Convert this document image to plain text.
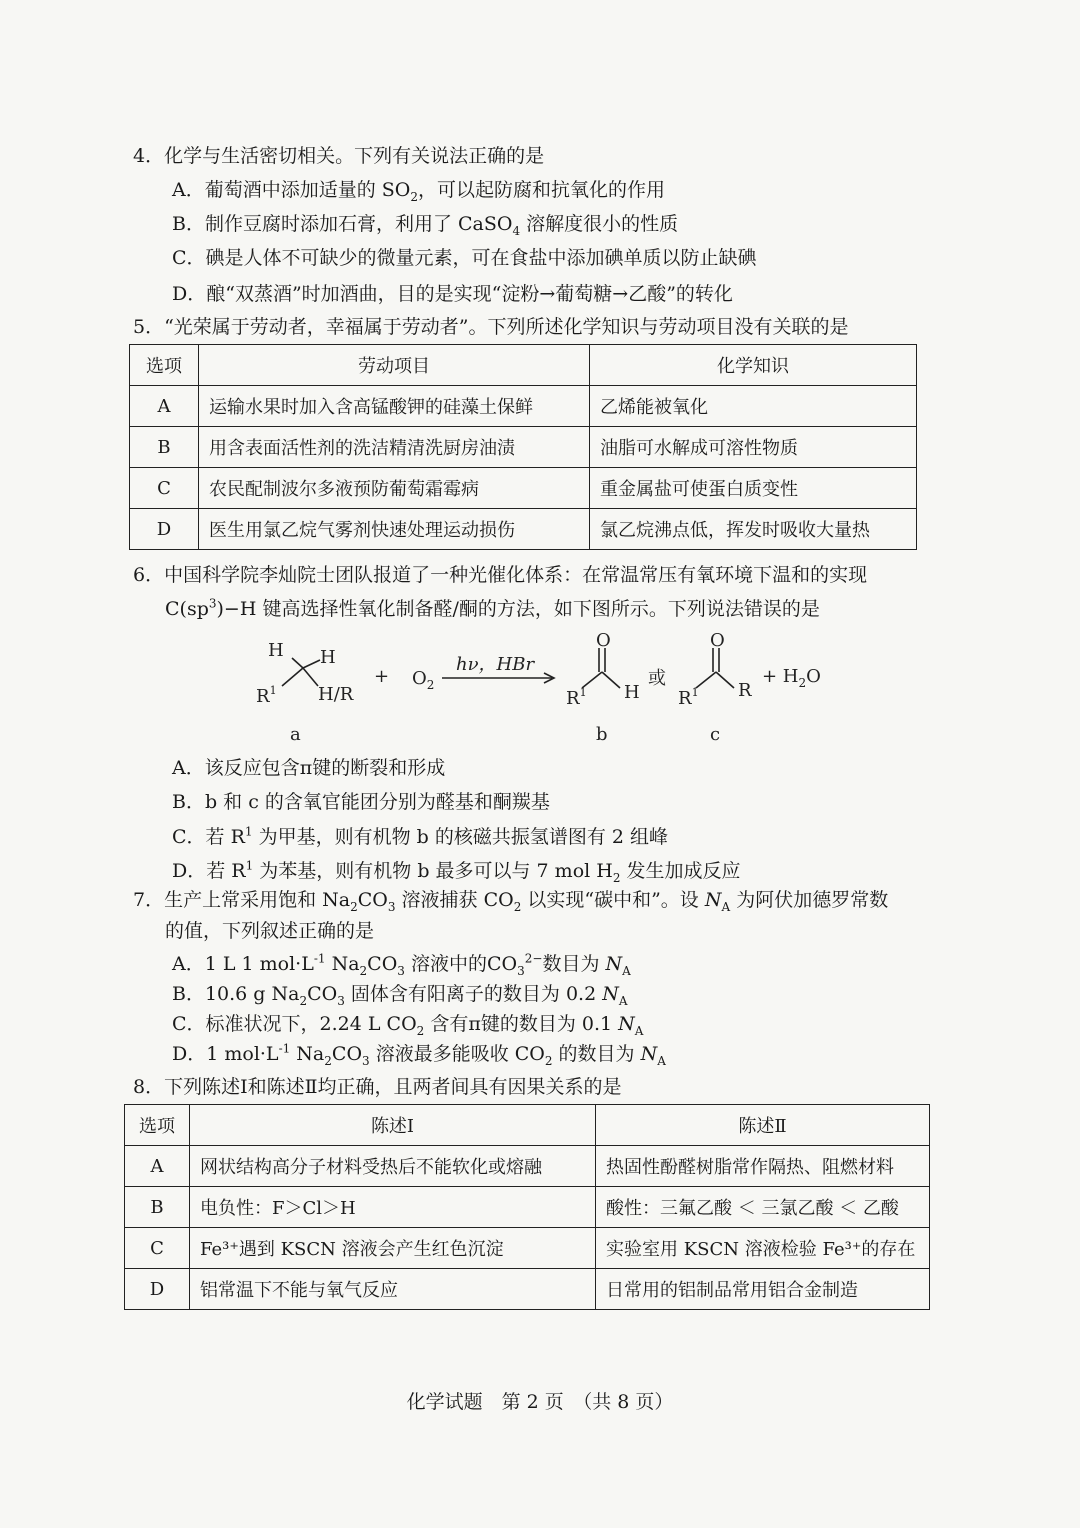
4．化学与生活密切相关。下列有关说法正确的是
A．葡萄酒中添加适量的 $SO_2$，可以起防腐和抗氧化的作用
B．制作豆腐时添加石膏，利用了 CaSO$_4$ 溶解度很小的性质
C．碘是人体不可缺少的微量元素，可在食盐中添加碘单质以防止缺碘
D．酿“双蒸酒”时加酒曲，目的是实现“淀粉→葡萄糖→乙酸”的转化
5．“光荣属于劳动者，幸福属于劳动者”。下列所述化学知识与劳动项目没有关联的是
选项	劳动项目	化学知识
A	运输水果时加入含高锰酸钾的硅藻土保鲜	乙烯能被氧化
B	用含表面活性剂的洗洁精清洗厨房油渍	油脂可水解成可溶性物质
C	农民配制波尔多液预防葡萄霜霉病	重金属盐可使蛋白质变性
D	医生用氯乙烷气雾剂快速处理运动损伤	氯乙烷沸点低，挥发时吸收大量热
6．中国科学院李灿院士团队报道了一种光催化体系：在常温常压有氧环境下温和的实现
$C(sp^3)-H$ 键高选择性氧化制备醛/酮的方法，如下图所示。下列说法错误的是
H H
$R^1$ H/R
+ $O_2$
hν，HBr
O
$R^1$ H
或
O
$R^1$ R
+ $H_2O$
a	b	c
A．该反应包含π键的断裂和形成
B．b 和 c 的含氧官能团分别为醛基和酮羰基
C．若 $R^1$ 为甲基，则有机物 b 的核磁共振氢谱图有 2 组峰
D．若 $R^1$ 为苯基，则有机物 b 最多可以与 7 mol $H_2$ 发生加成反应
7．生产上常采用饱和 $Na_2CO_3$ 溶液捕获 $CO_2$ 以实现“碳中和”。设 $N_A$ 为阿伏加德罗常数
的值，下列叙述正确的是
A．1 L 1 $mol\cdot L^{-1}$ $Na_2CO_3$ 溶液中的$CO_3^{2-}$数目为 $N_A$
B．10.6 g $Na_2CO_3$ 固体含有阳离子的数目为 0.2 $N_A$
C．标准状况下，2.24 L $CO_2$ 含有π键的数目为 0.1 $N_A$
D．1 $mol\cdot L^{-1}$ $Na_2CO_3$ 溶液最多能吸收 $CO_2$ 的数目为 $N_A$
8．下列陈述Ⅰ和陈述Ⅱ均正确，且两者间具有因果关系的是
选项	陈述Ⅰ	陈述Ⅱ
A	网状结构高分子材料受热后不能软化或熔融	热固性酚醛树脂常作隔热、阻燃材料
B	电负性：F＞Cl＞H	酸性：三氟乙酸 ＜ 三氯乙酸 ＜ 乙酸
C	Fe³⁺遇到 KSCN 溶液会产生红色沉淀	实验室用 KSCN 溶液检验 Fe³⁺的存在
D	铝常温下不能与氧气反应	日常用的铝制品常用铝合金制造
化学试题　第 2 页　（共 8 页）
